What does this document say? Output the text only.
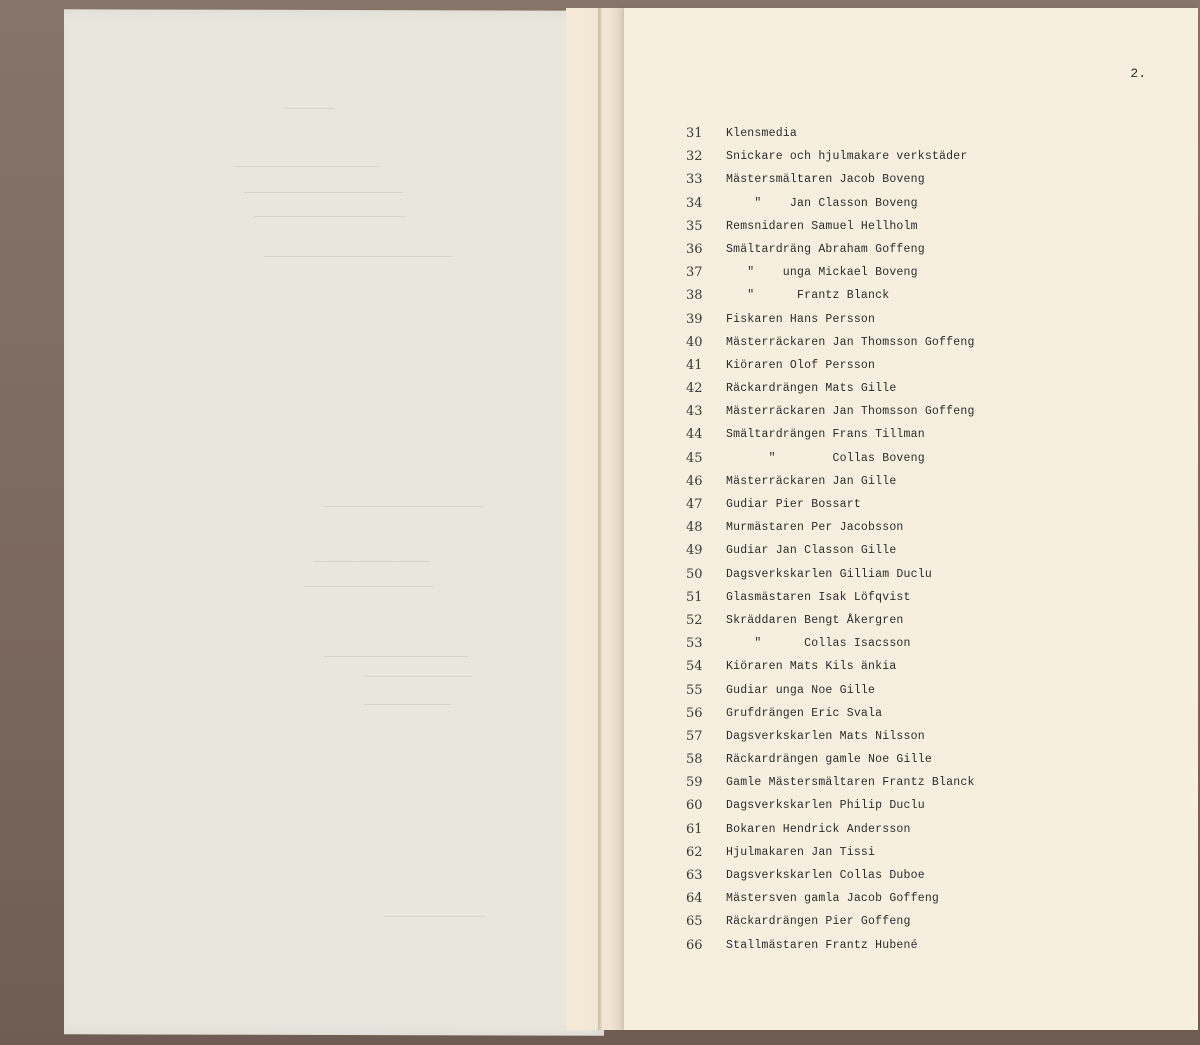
───────
────────────────────
──────────────────────
─────────────────────
──────────────────────────
──────────────────────
────────────────
──────────────────
────────────────────
───────────────
────────────
──────────────
2.
31	Klensmedia
32	Snickare och hjulmakare verkstäder
33	Mästersmältaren Jacob Boveng
34	"    Jan Classon Boveng
35	Remsnidaren Samuel Hellholm
36	Smältardräng Abraham Goffeng
37	"    unga Mickael Boveng
38	"      Frantz Blanck
39	Fiskaren Hans Persson
40	Mästerräckaren Jan Thomsson Goffeng
41	Kiöraren Olof Persson
42	Räckardrängen Mats Gille
43	Mästerräckaren Jan Thomsson Goffeng
44	Smältardrängen Frans Tillman
45	"        Collas Boveng
46	Mästerräckaren Jan Gille
47	Gudiar Pier Bossart
48	Murmästaren Per Jacobsson
49	Gudiar Jan Classon Gille
50	Dagsverkskarlen Gilliam Duclu
51	Glasmästaren Isak Löfqvist
52	Skräddaren Bengt Åkergren
53	"      Collas Isacsson
54	Kiöraren Mats Kils änkia
55	Gudiar unga Noe Gille
56	Grufdrängen Eric Svala
57	Dagsverkskarlen Mats Nilsson
58	Räckardrängen gamle Noe Gille
59	Gamle Mästersmältaren Frantz Blanck
60	Dagsverkskarlen Philip Duclu
61	Bokaren Hendrick Andersson
62	Hjulmakaren Jan Tissi
63	Dagsverkskarlen Collas Duboe
64	Mästersven gamla Jacob Goffeng
65	Räckardrängen Pier Goffeng
66	Stallmästaren Frantz Hubené
